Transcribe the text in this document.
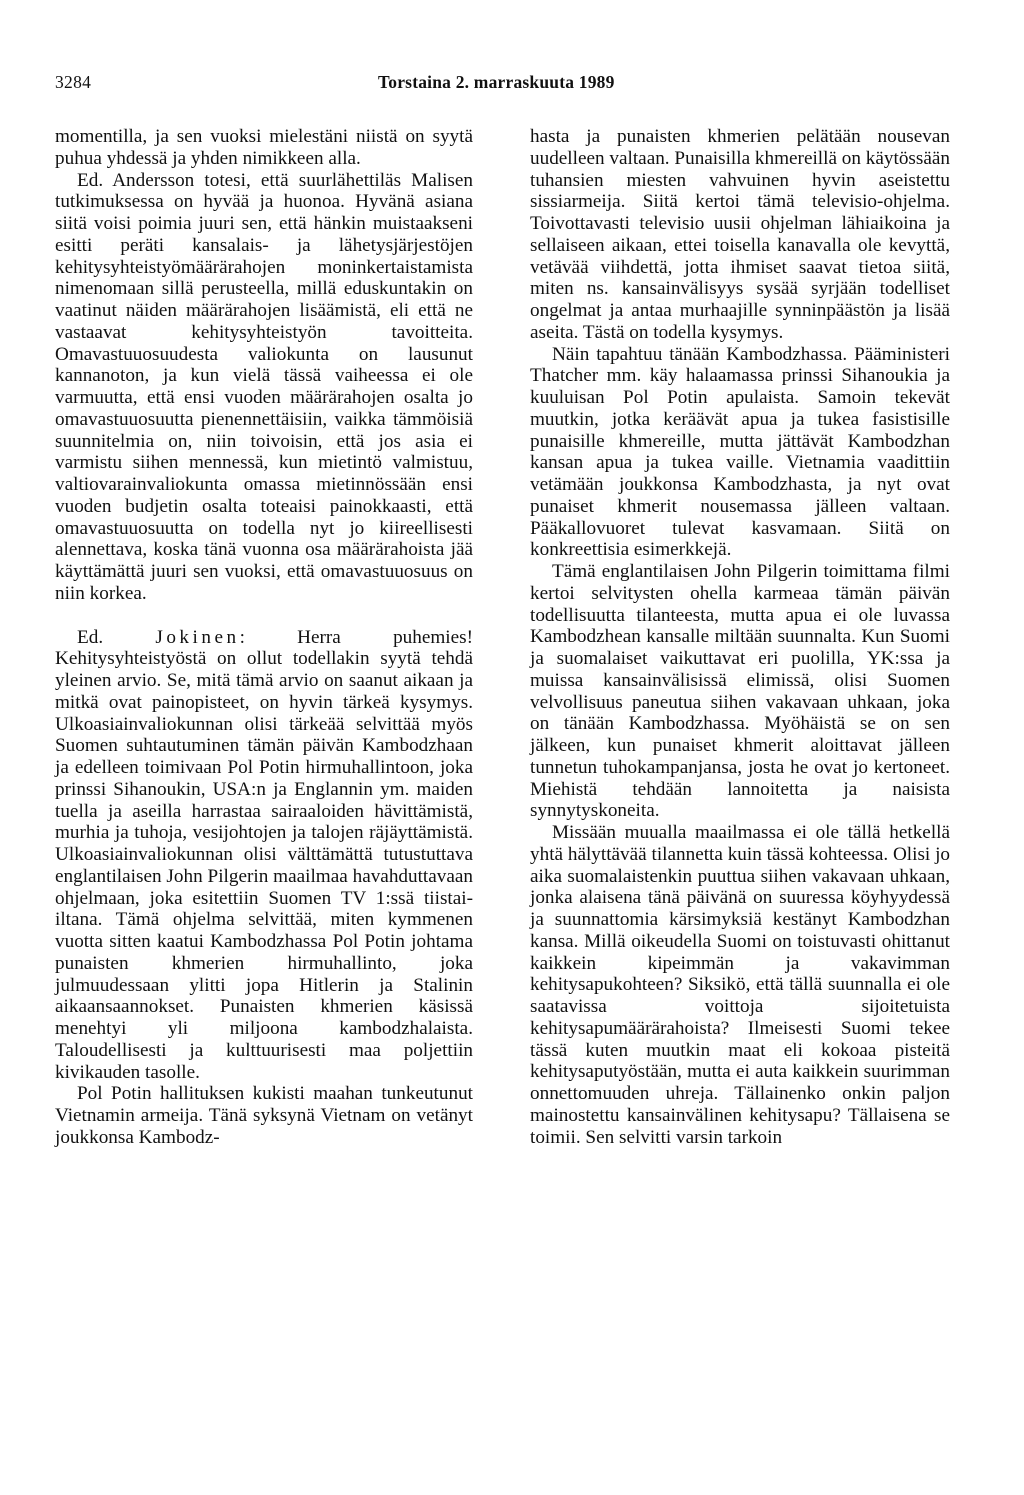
3284	Torstaina 2. marraskuuta 1989

momentilla, ja sen vuoksi mielestäni niistä on syytä puhua yhdessä ja yhden nimikkeen alla.

Ed. Andersson totesi, että suurlähettiläs Malisen tutkimuksessa on hyvää ja huonoa. Hyvänä asiana siitä voisi poimia juuri sen, että hänkin muistaakseni esitti peräti kansalais- ja lähetysjärjestöjen kehitysyhteistyömäärärahojen moninkertaistamista nimenomaan sillä perusteella, millä eduskuntakin on vaatinut näiden määrärahojen lisäämistä, eli että ne vastaavat kehitysyhteistyön tavoitteita. Omavastuuosuudesta valiokunta on lausunut kannanoton, ja kun vielä tässä vaiheessa ei ole varmuutta, että ensi vuoden määrärahojen osalta jo omavastuuosuutta pienennettäisiin, vaikka tämmöisiä suunnitelmia on, niin toivoisin, että jos asia ei varmistu siihen mennessä, kun mietintö valmistuu, valtiovarainvaliokunta omassa mietinnössään ensi vuoden budjetin osalta toteaisi painokkaasti, että omavastuuosuutta on todella nyt jo kiireellisesti alennettava, koska tänä vuonna osa määrärahoista jää käyttämättä juuri sen vuoksi, että omavastuuosuus on niin korkea.

Ed.	Jokinen: Herra puhemies! Kehitysyhteistyöstä on ollut todellakin syytä tehdä yleinen arvio. Se, mitä tämä arvio on saanut aikaan ja mitkä ovat painopisteet, on hyvin tärkeä kysymys. Ulkoasiainvaliokunnan olisi tärkeää selvittää myös Suomen suhtautuminen tämän päivän Kambodzhaan ja edelleen toimivaan Pol Potin hirmuhallintoon, joka prinssi Sihanoukin, USA:n ja Englannin ym. maiden tuella ja aseilla harrastaa sairaaloiden hävittämistä, murhia ja tuhoja, vesijohtojen ja talojen räjäyttämistä. Ulkoasiainvaliokunnan olisi välttämättä tutustuttava englantilaisen John Pilgerin maailmaa havahduttavaan ohjelmaan, joka esitettiin Suomen TV 1:ssä tiistai-iltana. Tämä ohjelma selvittää, miten kymmenen vuotta sitten kaatui Kambodzhassa Pol Potin johtama punaisten khmerien hirmuhallinto, joka julmuudessaan ylitti jopa Hitlerin ja Stalinin aikaansaannokset. Punaisten khmerien käsissä menehtyi yli miljoona kambodzhalaista. Taloudellisesti ja kulttuurisesti maa poljettiin kivikauden tasolle.

Pol Potin hallituksen kukisti maahan tunkeutunut Vietnamin armeija. Tänä syksynä Vietnam on vetänyt joukkonsa Kambodz-

hasta ja punaisten khmerien pelätään nousevan uudelleen valtaan. Punaisilla khmereillä on käytössään tuhansien miesten vahvuinen hyvin aseistettu sissiarmeija. Siitä kertoi tämä televisio-ohjelma. Toivottavasti televisio uusii ohjelman lähiaikoina ja sellaiseen aikaan, ettei toisella kanavalla ole kevyttä, vetävää viihdettä, jotta ihmiset saavat tietoa siitä, miten ns. kansainvälisyys sysää syrjään todelliset ongelmat ja antaa murhaajille synninpäästön ja lisää aseita. Tästä on todella kysymys.

Näin tapahtuu tänään Kambodzhassa. Pääministeri Thatcher mm. käy halaamassa prinssi Sihanoukia ja kuuluisan Pol Potin apulaista. Samoin tekevät muutkin, jotka keräävät apua ja tukea fasistisille punaisille khmereille, mutta jättävät Kambodzhan kansan apua ja tukea vaille. Vietnamia vaadittiin vetämään joukkonsa Kambodzhasta, ja nyt ovat punaiset khmerit nousemassa jälleen valtaan. Pääkallovuoret tulevat kasvamaan. Siitä on konkreettisia esimerkkejä.

Tämä englantilaisen John Pilgerin toimittama filmi kertoi selvitysten ohella karmeaa tämän päivän todellisuutta tilanteesta, mutta apua ei ole luvassa Kambodzhean kansalle miltään suunnalta. Kun Suomi ja suomalaiset vaikuttavat eri puolilla, YK:ssa ja muissa kansainvälisissä elimissä, olisi Suomen velvollisuus paneutua siihen vakavaan uhkaan, joka on tänään Kambodzhassa. Myöhäistä se on sen jälkeen, kun punaiset khmerit aloittavat jälleen tunnetun tuhokampanjansa, josta he ovat jo kertoneet. Miehistä tehdään lannoitetta ja naisista synnytyskoneita.

Missään muualla maailmassa ei ole tällä hetkellä yhtä hälyttävää tilannetta kuin tässä kohteessa. Olisi jo aika suomalaistenkin puuttua siihen vakavaan uhkaan, jonka alaisena tänä päivänä on suuressa köyhyydessä ja suunnattomia kärsimyksiä kestänyt Kambodzhan kansa. Millä oikeudella Suomi on toistuvasti ohittanut kaikkein kipeimmän ja vakavimman kehitysapukohteen? Siksikö, että tällä suunnalla ei ole saatavissa voittoja sijoitetuista kehitysapumäärärahoista? Ilmeisesti Suomi tekee tässä kuten muutkin maat eli kokoaa pisteitä kehitysaputyöstään, mutta ei auta kaikkein suurimman onnettomuuden uhreja. Tällainenko onkin paljon mainostettu kansainvälinen kehitysapu? Tällaisena se toimii. Sen selvitti varsin tarkoin
